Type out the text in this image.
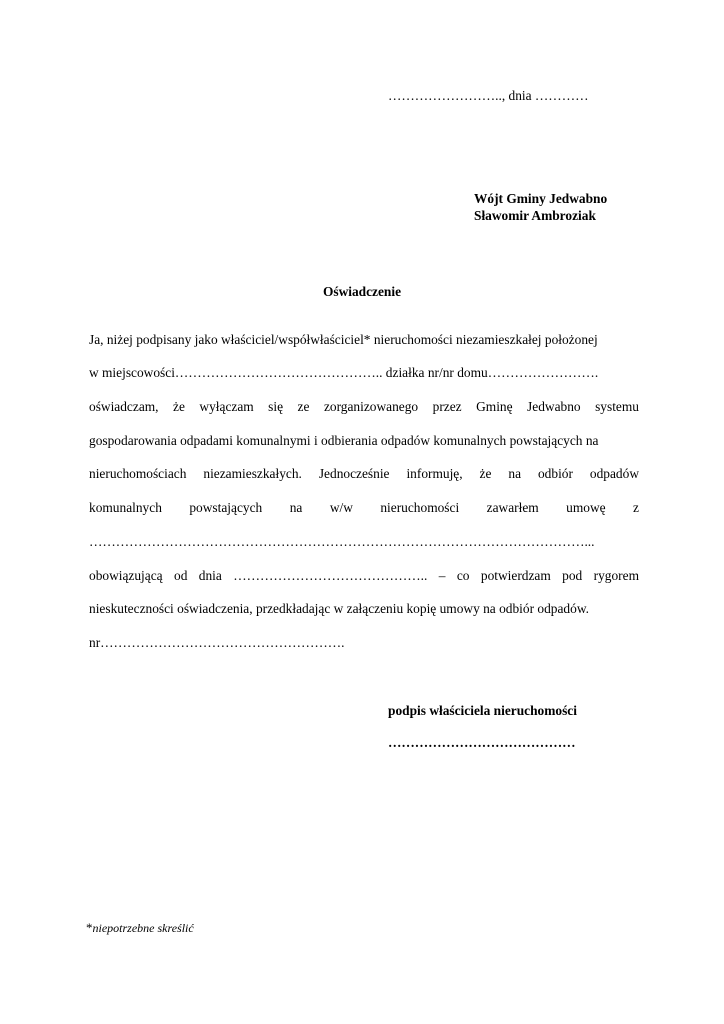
…………………….., dnia …………
Wójt Gminy Jedwabno
Sławomir Ambroziak
Oświadczenie
Ja, niżej podpisany jako właściciel/współwłaściciel* nieruchomości niezamieszkałej położonej
w miejscowości……………………………………….. działka nr/nr domu…………………….
oświadczam, że wyłączam się ze zorganizowanego przez Gminę Jedwabno systemu
gospodarowania odpadami komunalnymi i odbierania odpadów komunalnych powstających na
nieruchomościach niezamieszkałych. Jednocześnie informuję, że na odbiór odpadów
komunalnych powstających na w/w nieruchomości zawarłem umowę z
…………………………………………………………………………………………………...
obowiązującą od dnia …………………………………….. – co potwierdzam pod rygorem
nieskuteczności oświadczenia, przedkładając w załączeniu kopię umowy na odbiór odpadów.
nr……………………………………………….
podpis właściciela nieruchomości
……………………………………
*niepotrzebne skreślić
